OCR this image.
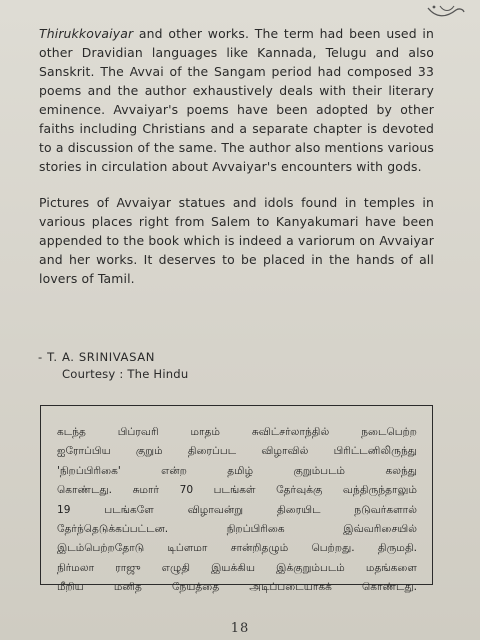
Thirukkovaiyar and other works. The term had been used in other Dravidian languages like Kannada, Telugu and also Sanskrit. The Avvai of the Sangam period had composed 33 poems and the author exhaustively deals with their literary eminence. Avvaiyar's poems have been adopted by other faiths including Christians and a separate chapter is devoted to a discussion of the same. The author also mentions various stories in circulation about Avvaiyar's encounters with gods.

Pictures of Avvaiyar statues and idols found in temples in various places right from Salem to Kanyakumari have been appended to the book which is indeed a variorum on Avvaiyar and her works. It deserves to be placed in the hands of all lovers of Tamil.

- T. A. SRINIVASAN
Courtesy : The Hindu
கடந்த பிப்ரவரி மாதம் சுவிட்சர்லாந்தில் நடைபெற்ற
ஐரோப்பிய குறும் திரைப்பட விழாவில் பிரிட்டனிலிருந்து
'நிறப்பிரிகை' என்ற தமிழ் குறும்படம் கலந்து
கொண்டது. சுமார் 70 படங்கள் தேர்வுக்கு வந்திருந்தாலும்
19 படங்களே விழாவன்று திரையிட நடுவர்களால்
தேர்ந்தெடுக்கப்பட்டன. நிறப்பிரிகை இவ்வரிசையில்
இடம்பெற்றதோடு டிப்ளமா சான்றிதழும் பெற்றது. திருமதி.
நிர்மலா ராஜு எழுதி இயக்கிய இக்குறும்படம் மதங்களை
மீறிய மனித நேயத்தை அடிப்படையாகக் கொண்டது.
18
